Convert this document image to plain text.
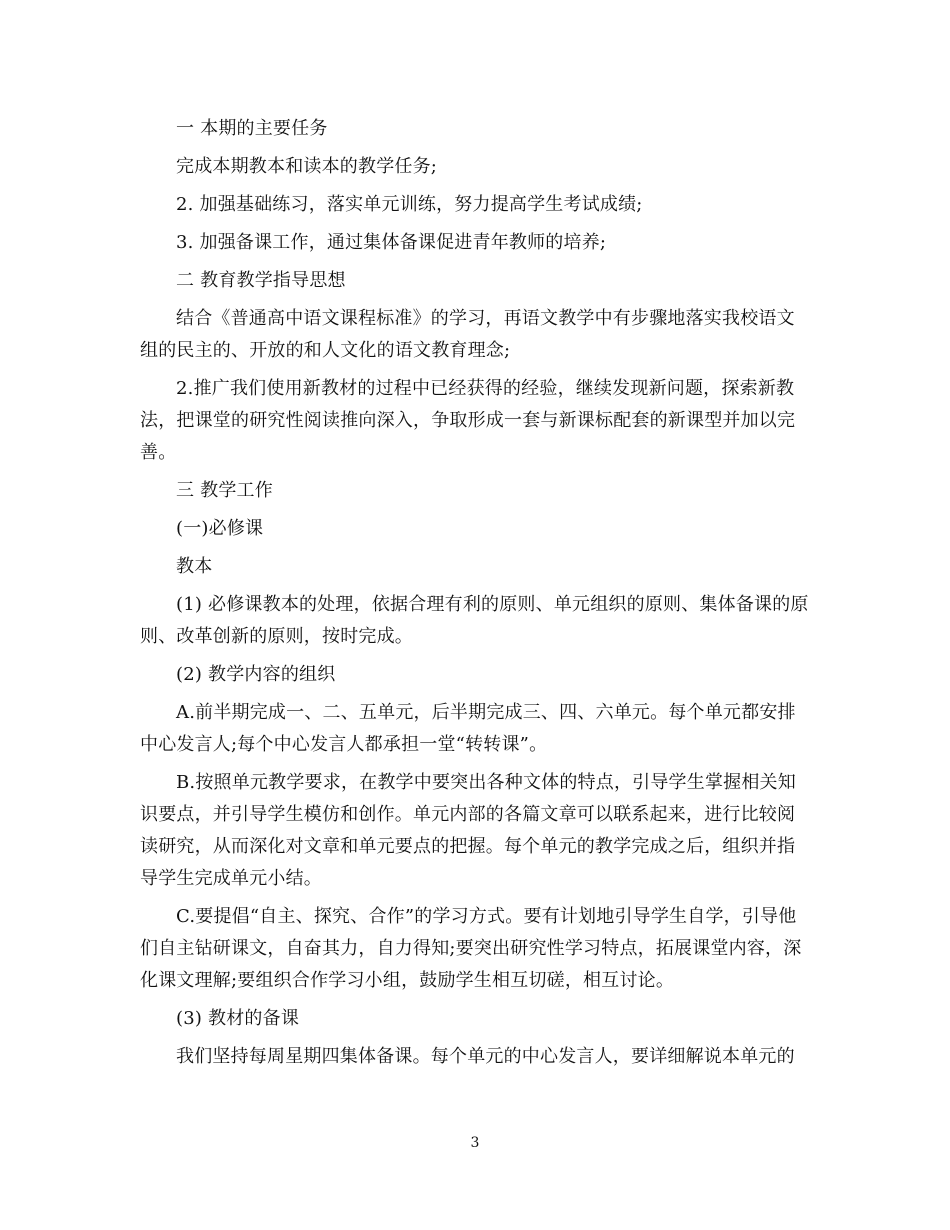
一 本期的主要任务

完成本期教本和读本的教学任务;

2. 加强基础练习，落实单元训练，努力提高学生考试成绩;

3. 加强备课工作，通过集体备课促进青年教师的培养;

二 教育教学指导思想

结合《普通高中语文课程标准》的学习，再语文教学中有步骤地落实我校语文组的民主的、开放的和人文化的语文教育理念;

2.推广我们使用新教材的过程中已经获得的经验，继续发现新问题，探索新教法，把课堂的研究性阅读推向深入，争取形成一套与新课标配套的新课型并加以完善。

三 教学工作

(一)必修课

教本

(1) 必修课教本的处理，依据合理有利的原则、单元组织的原则、集体备课的原则、改革创新的原则，按时完成。

(2) 教学内容的组织

A.前半期完成一、二、五单元，后半期完成三、四、六单元。每个单元都安排中心发言人;每个中心发言人都承担一堂“转转课”。

B.按照单元教学要求，在教学中要突出各种文体的特点，引导学生掌握相关知识要点，并引导学生模仿和创作。单元内部的各篇文章可以联系起来，进行比较阅读研究，从而深化对文章和单元要点的把握。每个单元的教学完成之后，组织并指导学生完成单元小结。

C.要提倡“自主、探究、合作”的学习方式。要有计划地引导学生自学，引导他们自主钻研课文，自奋其力，自力得知;要突出研究性学习特点，拓展课堂内容，深化课文理解;要组织合作学习小组，鼓励学生相互切磋，相互讨论。

(3) 教材的备课

我们坚持每周星期四集体备课。每个单元的中心发言人，要详细解说本单元的

3
